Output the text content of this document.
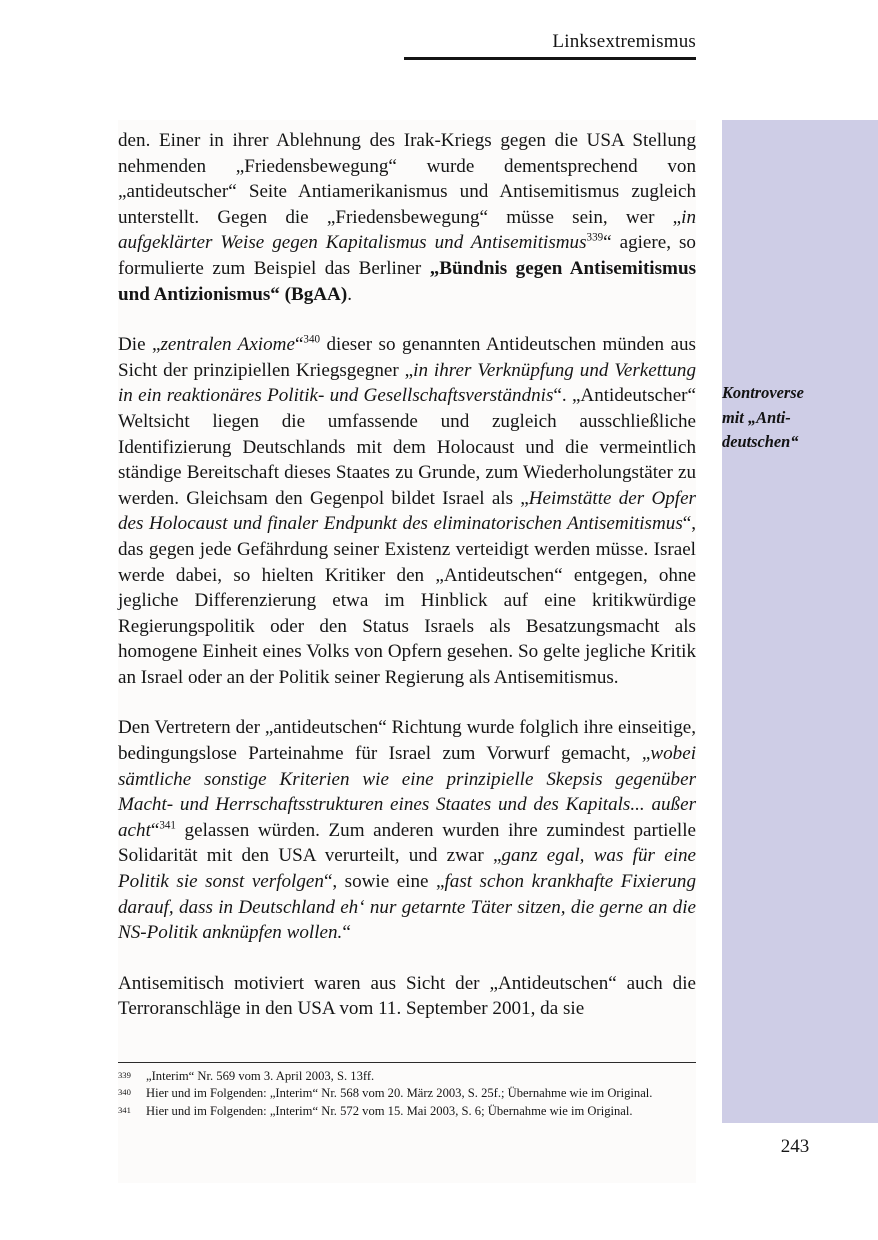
Linksextremismus
Kontroverse
mit „Anti-
deutschen“

den. Einer in ihrer Ablehnung des Irak-Kriegs gegen die USA Stellung nehmenden „Friedensbewegung“ wurde dementsprechend von „antideutscher“ Seite Antiamerikanismus und Antisemitismus zugleich unterstellt. Gegen die „Friedensbewegung“ müsse sein, wer „in aufgeklärter Weise gegen Kapitalismus und Antisemitismus$^{339}$“ agiere, so formulierte zum Beispiel das Berliner „Bündnis gegen Antisemitismus und Antizionismus“ (BgAA).

Die „zentralen Axiome“$^{340}$ dieser so genannten Antideutschen münden aus Sicht der prinzipiellen Kriegsgegner „in ihrer Verknüpfung und Verkettung in ein reaktionäres Politik- und Gesellschaftsverständnis“. „Antideutscher“ Weltsicht liegen die umfassende und zugleich ausschließliche Identifizierung Deutschlands mit dem Holocaust und die vermeintlich ständige Bereitschaft dieses Staates zu Grunde, zum Wiederholungstäter zu werden. Gleichsam den Gegenpol bildet Israel als „Heimstätte der Opfer des Holocaust und finaler Endpunkt des eliminatorischen Antisemitismus“, das gegen jede Gefährdung seiner Existenz verteidigt werden müsse. Israel werde dabei, so hielten Kritiker den „Antideutschen“ entgegen, ohne jegliche Differenzierung etwa im Hinblick auf eine kritikwürdige Regierungspolitik oder den Status Israels als Besatzungsmacht als homogene Einheit eines Volks von Opfern gesehen. So gelte jegliche Kritik an Israel oder an der Politik seiner Regierung als Antisemitismus.

Den Vertretern der „antideutschen“ Richtung wurde folglich ihre einseitige, bedingungslose Parteinahme für Israel zum Vorwurf gemacht, „wobei sämtliche sonstige Kriterien wie eine prinzipielle Skepsis gegenüber Macht- und Herrschaftsstrukturen eines Staates und des Kapitals... außer acht“$^{341}$ gelassen würden. Zum anderen wurden ihre zumindest partielle Solidarität mit den USA verurteilt, und zwar „ganz egal, was für eine Politik sie sonst verfolgen“, sowie eine „fast schon krankhafte Fixierung darauf, dass in Deutschland eh‘ nur getarnte Täter sitzen, die gerne an die NS-Politik anknüpfen wollen.“

Antisemitisch motiviert waren aus Sicht der „Antideutschen“ auch die Terroranschläge in den USA vom 11. September 2001, da sie

339	„Interim“ Nr. 569 vom 3. April 2003, S. 13ff.
340	Hier und im Folgenden: „Interim“ Nr. 568 vom 20. März 2003, S. 25f.; Übernahme wie im Original.
341	Hier und im Folgenden: „Interim“ Nr. 572 vom 15. Mai 2003, S. 6; Übernahme wie im Original.
243
